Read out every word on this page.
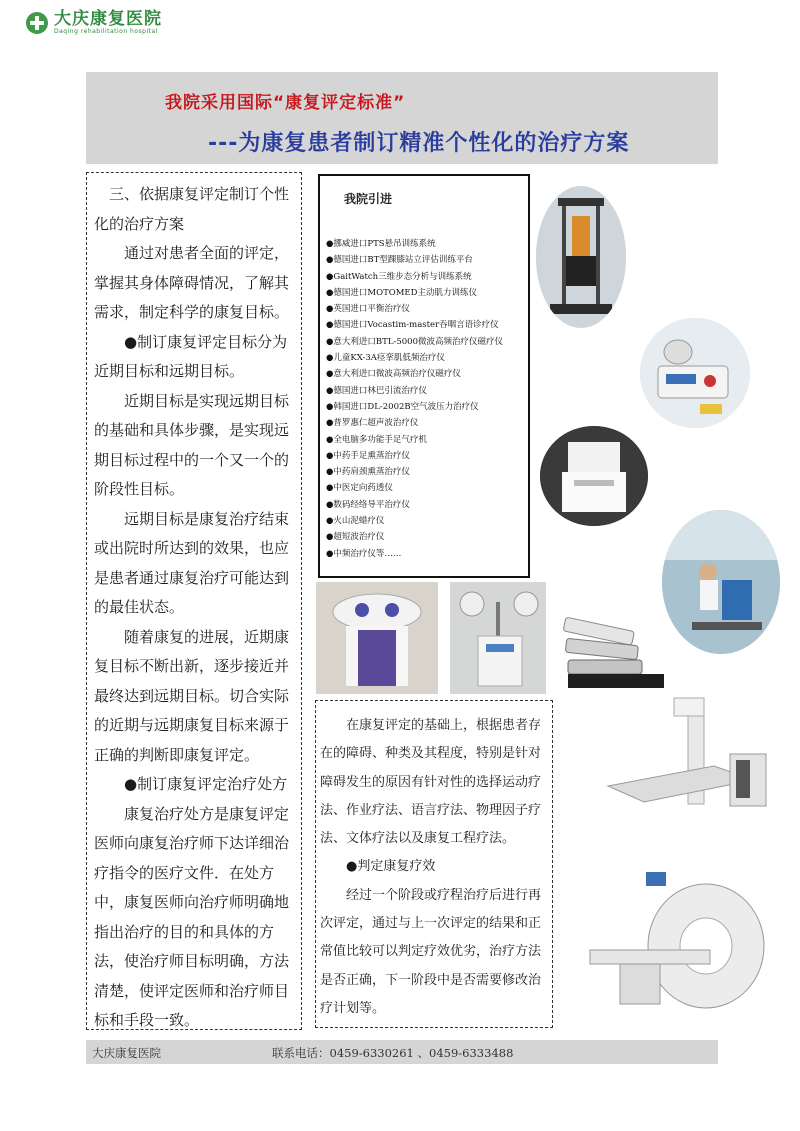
大庆康复医院
Daqing rehabilitation hospital
我院采用国际“康复评定标准”
---为康复患者制订精准个性化的治疗方案

三、依据康复评定制订个性化的治疗方案

通过对患者全面的评定，掌握其身体障碍情况，了解其需求，制定科学的康复目标。

●制订康复评定目标分为近期目标和远期目标。

近期目标是实现远期目标的基础和具体步骤，是实现远期目标过程中的一个又一个的阶段性目标。

远期目标是康复治疗结束或出院时所达到的效果，也应是患者通过康复治疗可能达到的最佳状态。

随着康复的进展，近期康复目标不断出新，逐步接近并最终达到远期目标。切合实际的近期与远期康复目标来源于正确的判断即康复评定。

●制订康复评定治疗处方

康复治疗处方是康复评定医师向康复治疗师下达详细治疗指令的医疗文件．在处方中，康复医师向治疗师明确地指出治疗的目的和具体的方法，使治疗师目标明确，方法清楚，使评定医师和治疗师目标和手段一致。

我院引进
●挪威进口PTS悬吊训练系统
●德国进口BT型踝膝站立评估训练平台
●GaitWatch三维步态分析与训练系统
●德国进口MOTOMED主动肌力训练仪
●英国进口平衡治疗仪
●德国进口Vocastim-master吞咽言语诊疗仪
●意大利进口BTL-5000微波高频治疗仪磁疗仪
●儿童KX-3A痉挛肌低频治疗仪
●意大利进口微波高频治疗仪磁疗仪
●德国进口林巴引流治疗仪
●韩国进口DL-2002B空气波压力治疗仪
●普罗惠仁超声波治疗仪
●全电脑多功能手足气疗机
●中药手足熏蒸治疗仪
●中药肩颈熏蒸治疗仪
●中医定向药透仪
●数码经络导平治疗仪
●火山泥蜡疗仪
●超短波治疗仪
●中频治疗仪等……

在康复评定的基础上，根据患者存在的障碍、种类及其程度，特别是针对障碍发生的原因有针对性的选择运动疗法、作业疗法、语言疗法、物理因子疗法、文体疗法以及康复工程疗法。

●判定康复疗效

经过一个阶段或疗程治疗后进行再次评定，通过与上一次评定的结果和正常值比较可以判定疗效优劣，治疗方法是否正确，下一阶段中是否需要修改治疗计划等。

大庆康复医院	联系电话：0459-6330261 、0459-6333488
